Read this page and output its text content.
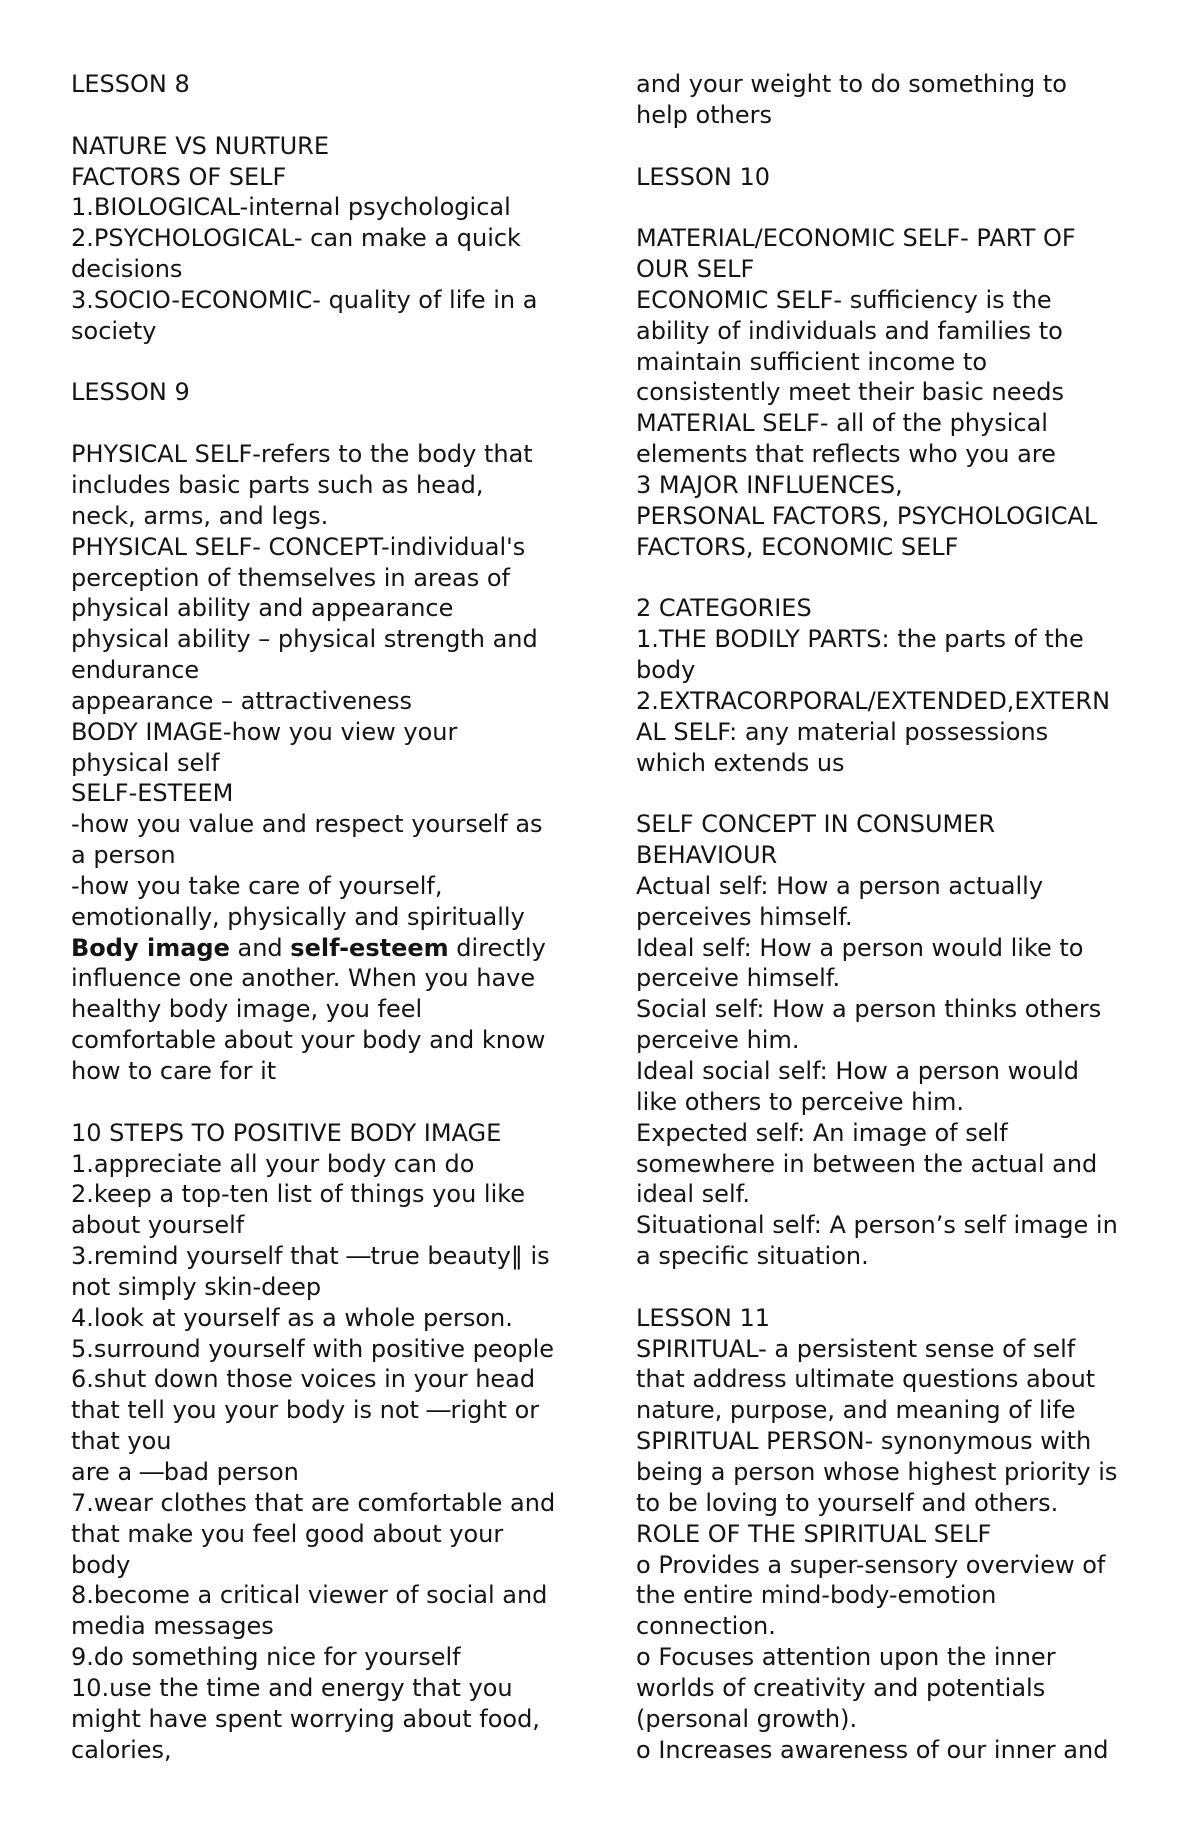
LESSON 8
NATURE VS NURTURE
FACTORS OF SELF
1.BIOLOGICAL-internal psychological
2.PSYCHOLOGICAL- can make a quick
decisions
3.SOCIO-ECONOMIC- quality of life in a
society
LESSON 9
PHYSICAL SELF-refers to the body that
includes basic parts such as head,
neck, arms, and legs.
PHYSICAL SELF- CONCEPT-individual's
perception of themselves in areas of
physical ability and appearance
physical ability – physical strength and
endurance
appearance – attractiveness
BODY IMAGE-how you view your
physical self
SELF-ESTEEM
-how you value and respect yourself as
a person
-how you take care of yourself,
emotionally, physically and spiritually
Body image and self-esteem directly
influence one another. When you have
healthy body image, you feel
comfortable about your body and know
how to care for it
10 STEPS TO POSITIVE BODY IMAGE
1.appreciate all your body can do
2.keep a top-ten list of things you like
about yourself
3.remind yourself that ―true beauty‖ is
not simply skin-deep
4.look at yourself as a whole person.
5.surround yourself with positive people
6.shut down those voices in your head
that tell you your body is not ―right or
that you
are a ―bad person
7.wear clothes that are comfortable and
that make you feel good about your
body
8.become a critical viewer of social and
media messages
9.do something nice for yourself
10.use the time and energy that you
might have spent worrying about food,
calories,
and your weight to do something to
help others
LESSON 10
MATERIAL/ECONOMIC SELF- PART OF
OUR SELF
ECONOMIC SELF- sufficiency is the
ability of individuals and families to
maintain sufficient income to
consistently meet their basic needs
MATERIAL SELF- all of the physical
elements that reflects who you are
3 MAJOR INFLUENCES,
PERSONAL FACTORS, PSYCHOLOGICAL
FACTORS, ECONOMIC SELF
2 CATEGORIES
1.THE BODILY PARTS: the parts of the
body
2.EXTRACORPORAL/EXTENDED,EXTERN
AL SELF: any material possessions
which extends us
SELF CONCEPT IN CONSUMER
BEHAVIOUR
Actual self: How a person actually
perceives himself.
Ideal self: How a person would like to
perceive himself.
Social self: How a person thinks others
perceive him.
Ideal social self: How a person would
like others to perceive him.
Expected self: An image of self
somewhere in between the actual and
ideal self.
Situational self: A person’s self image in
a specific situation.
LESSON 11
SPIRITUAL- a persistent sense of self
that address ultimate questions about
nature, purpose, and meaning of life
SPIRITUAL PERSON- synonymous with
being a person whose highest priority is
to be loving to yourself and others.
ROLE OF THE SPIRITUAL SELF
o Provides a super-sensory overview of
the entire mind-body-emotion
connection.
o Focuses attention upon the inner
worlds of creativity and potentials
(personal growth).
o Increases awareness of our inner and
